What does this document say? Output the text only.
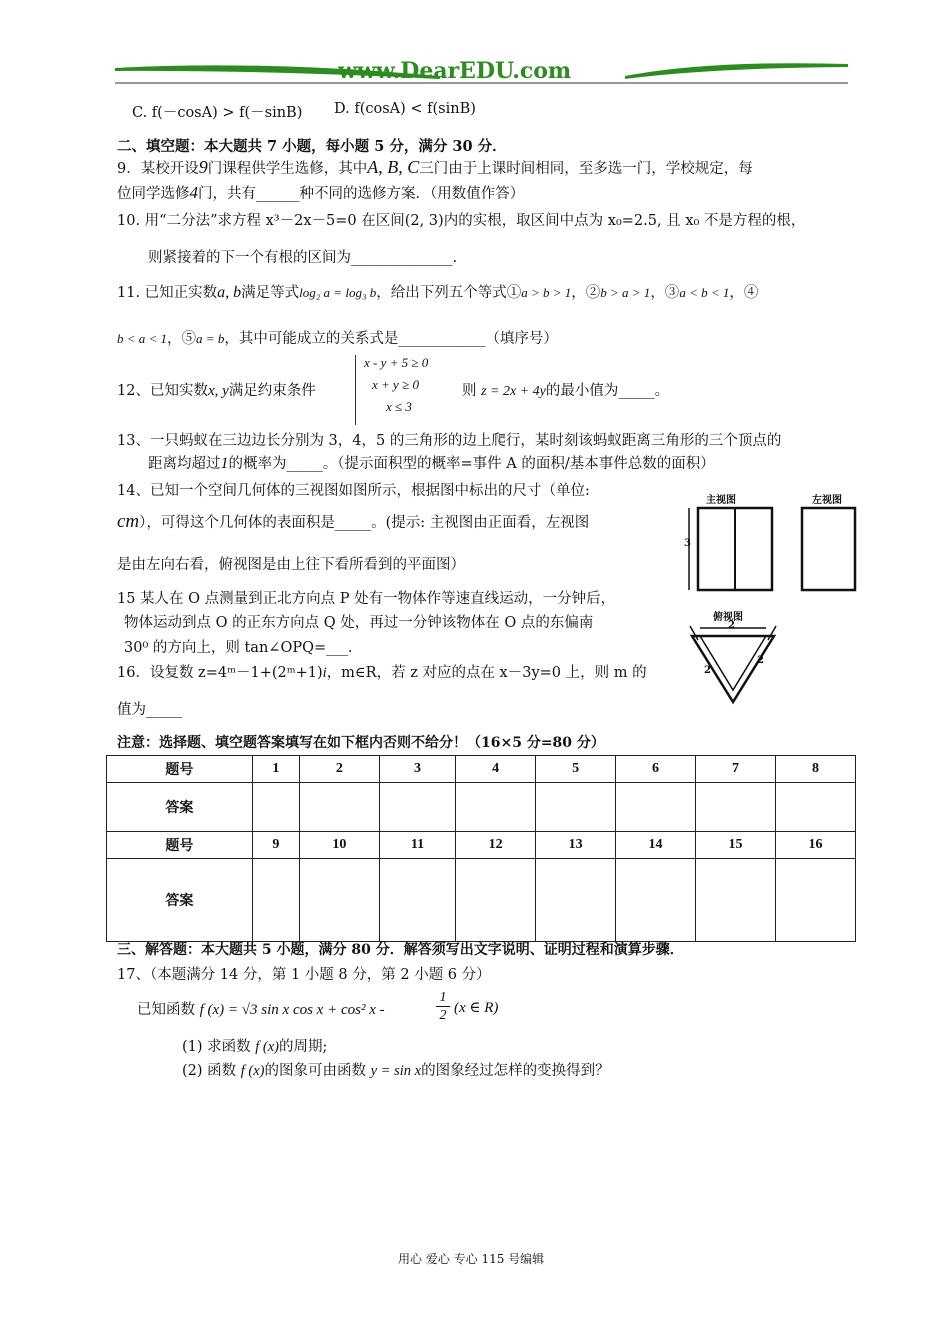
www.DearEDU.com
C. f(－cosA) > f(－sinB) D. f(cosA) < f(sinB)
二、填空题：本大题共 7 小题，每小题 5 分，满分 30 分．
9．某校开设9门课程供学生选修，其中A, B, C三门由于上课时间相同，至多选一门，学校规定，每
位同学选修4门，共有______种不同的选修方案．（用数值作答）
10. 用“二分法”求方程 x³－2x－5=0 在区间(2, 3)内的实根，取区间中点为 x₀=2.5, 且 x₀ 不是方程的根，
则紧接着的下一个有根的区间为______________.
11. 已知正实数a, b满足等式log₂ a = log₃ b，给出下列五个等式①a > b > 1，②b > a > 1，③a < b < 1，④
b < a < 1，⑤a = b，其中可能成立的关系式是____________（填序号）
12、已知实数x, y满足约束条件
x - y + 5 ≥ 0
x + y ≥ 0
x ≤ 3
则 z = 2x + 4y的最小值为_____。
13、一只蚂蚁在三边边长分别为 3，4，5 的三角形的边上爬行，某时刻该蚂蚁距离三角形的三个顶点的
距离均超过1的概率为_____。（提示面积型的概率=事件 A 的面积/基本事件总数的面积）
14、已知一个空间几何体的三视图如图所示，根据图中标出的尺寸（单位:
cm），可得这个几何体的表面积是_____。(提示: 主视图由正面看，左视图
是由左向右看，俯视图是由上往下看所看到的平面图）
15 某人在 O 点测量到正北方向点 P 处有一物体作等速直线运动，一分钟后，
物体运动到点 O 的正东方向点 Q 处，再过一分钟该物体在 O 点的东偏南
30⁰ 的方向上，则 tan∠OPQ=___.
16．设复数 z=4ᵐ－1+(2ᵐ+1)i，m∈R，若 z 对应的点在 x－3y=0 上，则 m 的
值为_____
主视图	左视图
俯视图
3
2
2
2
注意：选择题、填空题答案填写在如下框内否则不给分！（16×5 分=80 分）
题号	1	2	3	4	5	6	7	8
答案								
题号	9	10	11	12	13	14	15	16
答案								
三、解答题：本大题共 5 小题，满分 80 分．解答须写出文字说明、证明过程和演算步骤．
17、（本题满分 14 分，第 1 小题 8 分，第 2 小题 6 分）
已知函数 f (x) = √3 sin x cos x + cos² x -
1
2 (x ∈ R)
(1) 求函数 f (x)的周期;
(2) 函数 f (x)的图象可由函数 y = sin x的图象经过怎样的变换得到？
用心 爱心 专心 115 号编辑
